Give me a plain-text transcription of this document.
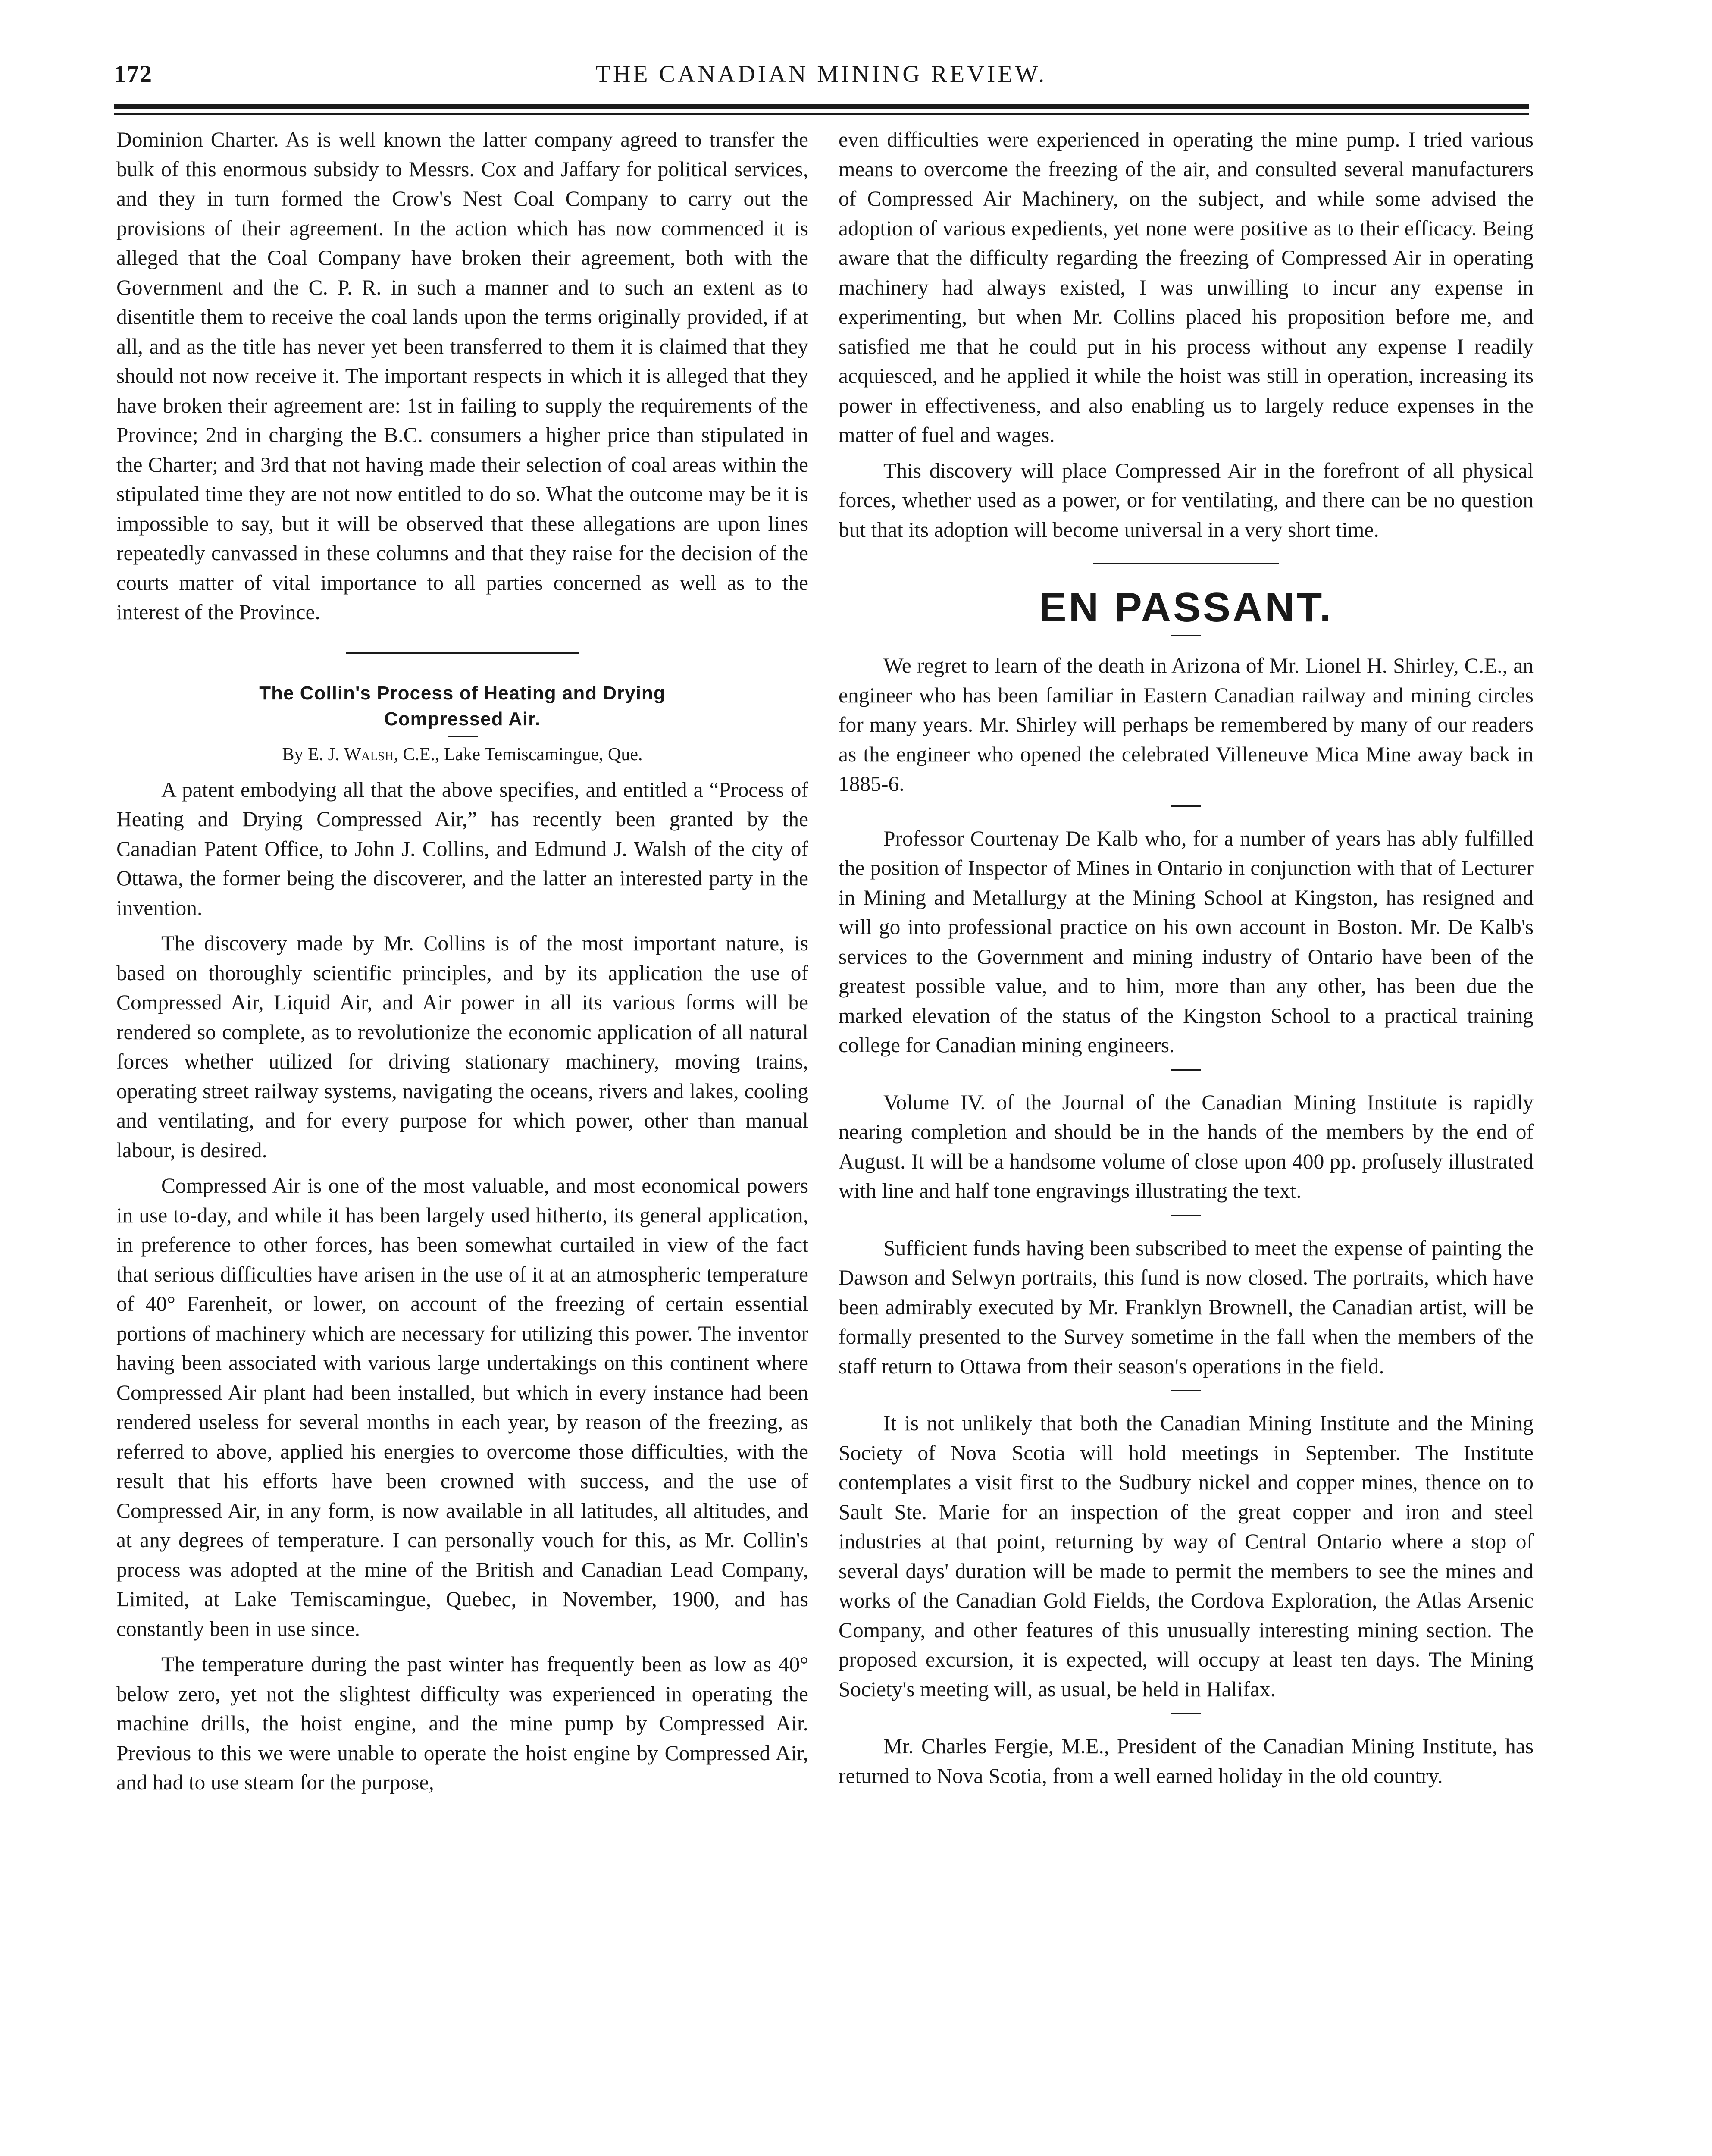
THE CANADIAN MINING REVIEW.
172

Dominion Charter. As is well known the latter company agreed to transfer the bulk of this enormous subsidy to Messrs. Cox and Jaffary for political services, and they in turn formed the Crow's Nest Coal Company to carry out the provisions of their agreement. In the action which has now commenced it is alleged that the Coal Company have broken their agreement, both with the Government and the C. P. R. in such a manner and to such an extent as to disentitle them to receive the coal lands upon the terms originally provided, if at all, and as the title has never yet been transferred to them it is claimed that they should not now receive it. The important respects in which it is alleged that they have broken their agreement are: 1st in failing to supply the requirements of the Province; 2nd in charging the B.C. consumers a higher price than stipulated in the Charter; and 3rd that not having made their selection of coal areas within the stipulated time they are not now entitled to do so. What the outcome may be it is impossible to say, but it will be observed that these allegations are upon lines repeatedly canvassed in these columns and that they raise for the decision of the courts matter of vital importance to all parties concerned as well as to the interest of the Province.

The Collin's Process of Heating and Drying
Compressed Air.

By E. J. Walsh, C.E., Lake Temiscamingue, Que.

A patent embodying all that the above specifies, and entitled a “Process of Heating and Drying Compressed Air,” has recently been granted by the Canadian Patent Office, to John J. Collins, and Edmund J. Walsh of the city of Ottawa, the former being the discoverer, and the latter an interested party in the invention.

The discovery made by Mr. Collins is of the most important nature, is based on thoroughly scientific principles, and by its application the use of Compressed Air, Liquid Air, and Air power in all its various forms will be rendered so complete, as to revolutionize the economic application of all natural forces whether utilized for driving stationary machinery, moving trains, operating street railway systems, navigating the oceans, rivers and lakes, cooling and ventilating, and for every purpose for which power, other than manual labour, is desired.

Compressed Air is one of the most valuable, and most economical powers in use to-day, and while it has been largely used hitherto, its general application, in preference to other forces, has been somewhat curtailed in view of the fact that serious difficulties have arisen in the use of it at an atmospheric temperature of 40° Farenheit, or lower, on account of the freezing of certain essential portions of machinery which are necessary for utilizing this power. The inventor having been associated with various large undertakings on this continent where Compressed Air plant had been installed, but which in every instance had been rendered useless for several months in each year, by reason of the freezing, as referred to above, applied his energies to overcome those difficulties, with the result that his efforts have been crowned with success, and the use of Compressed Air, in any form, is now available in all latitudes, all altitudes, and at any degrees of temperature. I can personally vouch for this, as Mr. Collin's process was adopted at the mine of the British and Canadian Lead Company, Limited, at Lake Temiscamingue, Quebec, in November, 1900, and has constantly been in use since.

The temperature during the past winter has frequently been as low as 40° below zero, yet not the slightest difficulty was experienced in operating the machine drills, the hoist engine, and the mine pump by Compressed Air. Previous to this we were unable to operate the hoist engine by Compressed Air, and had to use steam for the purpose,

even difficulties were experienced in operating the mine pump. I tried various means to overcome the freezing of the air, and consulted several manufacturers of Compressed Air Machinery, on the subject, and while some advised the adoption of various expedients, yet none were positive as to their efficacy. Being aware that the difficulty regarding the freezing of Compressed Air in operating machinery had always existed, I was unwilling to incur any expense in experimenting, but when Mr. Collins placed his proposition before me, and satisfied me that he could put in his process without any expense I readily acquiesced, and he applied it while the hoist was still in operation, increasing its power in effectiveness, and also enabling us to largely reduce expenses in the matter of fuel and wages.

This discovery will place Compressed Air in the forefront of all physical forces, whether used as a power, or for ventilating, and there can be no question but that its adoption will become universal in a very short time.

EN PASSANT.

We regret to learn of the death in Arizona of Mr. Lionel H. Shirley, C.E., an engineer who has been familiar in Eastern Canadian railway and mining circles for many years. Mr. Shirley will perhaps be remembered by many of our readers as the engineer who opened the celebrated Villeneuve Mica Mine away back in 1885-6.

Professor Courtenay De Kalb who, for a number of years has ably fulfilled the position of Inspector of Mines in Ontario in conjunction with that of Lecturer in Mining and Metallurgy at the Mining School at Kingston, has resigned and will go into professional practice on his own account in Boston. Mr. De Kalb's services to the Government and mining industry of Ontario have been of the greatest possible value, and to him, more than any other, has been due the marked elevation of the status of the Kingston School to a practical training college for Canadian mining engineers.

Volume IV. of the Journal of the Canadian Mining Institute is rapidly nearing completion and should be in the hands of the members by the end of August. It will be a handsome volume of close upon 400 pp. profusely illustrated with line and half tone engravings illustrating the text.

Sufficient funds having been subscribed to meet the expense of painting the Dawson and Selwyn portraits, this fund is now closed. The portraits, which have been admirably executed by Mr. Franklyn Brownell, the Canadian artist, will be formally presented to the Survey sometime in the fall when the members of the staff return to Ottawa from their season's operations in the field.

It is not unlikely that both the Canadian Mining Institute and the Mining Society of Nova Scotia will hold meetings in September. The Institute contemplates a visit first to the Sudbury nickel and copper mines, thence on to Sault Ste. Marie for an inspection of the great copper and iron and steel industries at that point, returning by way of Central Ontario where a stop of several days' duration will be made to permit the members to see the mines and works of the Canadian Gold Fields, the Cordova Exploration, the Atlas Arsenic Company, and other features of this unusually interesting mining section. The proposed excursion, it is expected, will occupy at least ten days. The Mining Society's meeting will, as usual, be held in Halifax.

Mr. Charles Fergie, M.E., President of the Canadian Mining Institute, has returned to Nova Scotia, from a well earned holiday in the old country.
